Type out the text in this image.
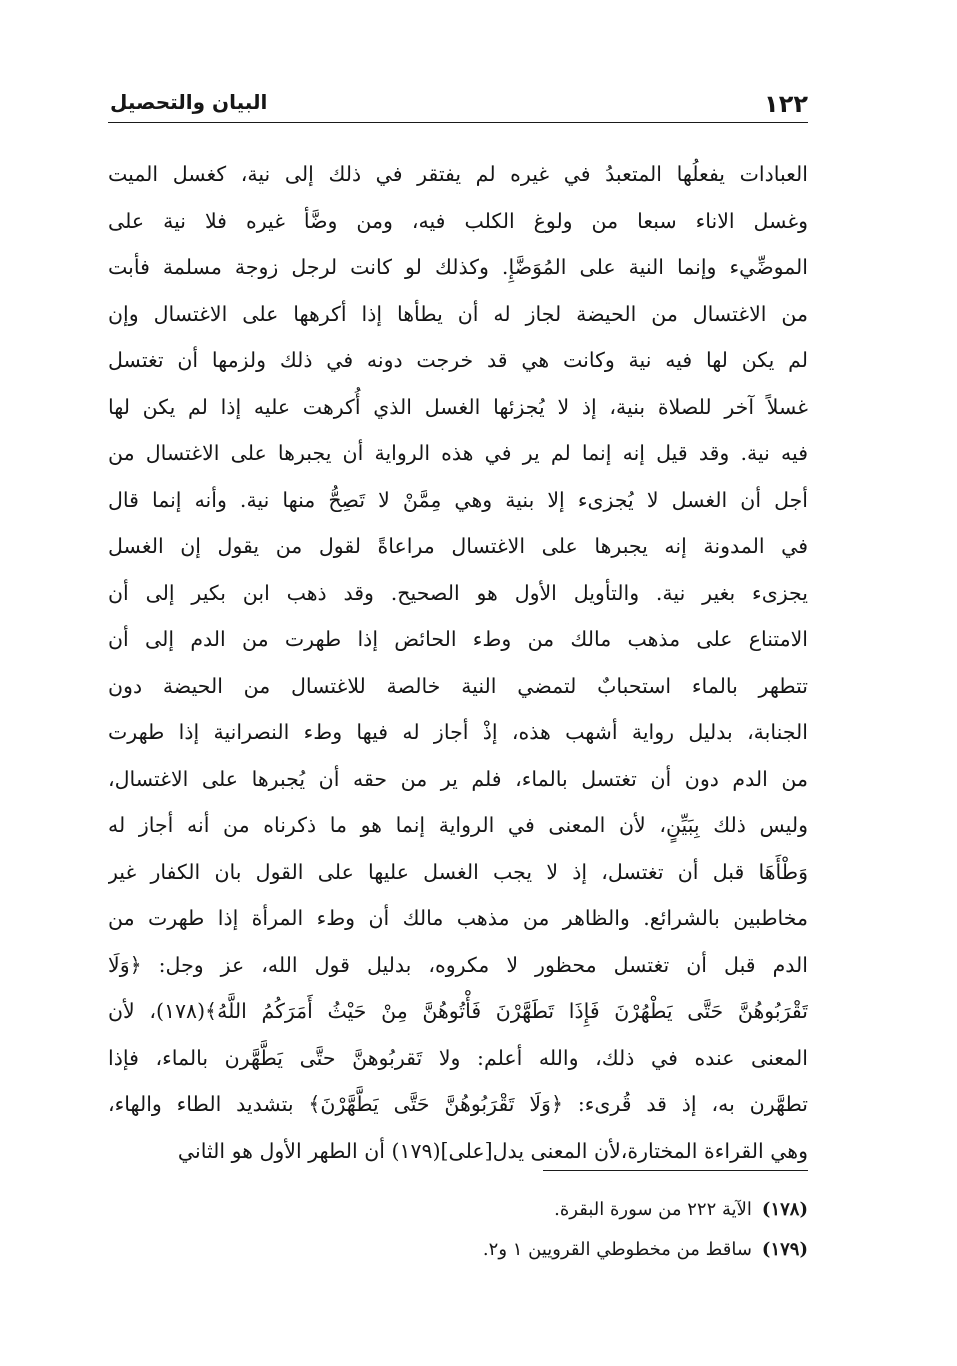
١٢٢
البيان والتحصيل
العبادات يفعلُها المتعبدُ في غيره لم يفتقر في ذلك إلى نية، كغسل الميت
وغسل الاناء سبعا من ولوغ الكلب فيه، ومن وضَّأ غيره فلا نية على
الموضِّيء وإنما النية على المُوَضَّإِ. وكذلك لو كانت لرجل زوجة مسلمة فأبت
من الاغتسال من الحيضة لجاز له أن يطأها إذا أكرهها على الاغتسال وإن
لم يكن لها فيه نية وكانت هي قد خرجت دونه في ذلك ولزمها أن تغتسل
غسلاً آخر للصلاة بنية، إذ لا يُجزئها الغسل الذي أُكرهت عليه إذا لم يكن لها
فيه نية. وقد قيل إنه إنما لم ير في هذه الرواية أن يجبرها على الاغتسال من
أجل أن الغسل لا يُجزىء إلا بنية وهي مِمَّنْ لا تَصِحُّ منها نية. وأنه إنما قال
في المدونة إنه يجبرها على الاغتسال مراعاةً لقول من يقول إن الغسل
يجزىء بغير نية. والتأويل الأول هو الصحيح. وقد ذهب ابن بكير إلى أن
الامتناع على مذهب مالك من وطء الحائض إذا طهرت من الدم إلى أن
تتطهر بالماء استحبابٌ لتمضي النية خالصة للاغتسال من الحيضة دون
الجنابة، بدليل رواية أشهب هذه، إذْ أجاز له فيها وطء النصرانية إذا طهرت
من الدم دون أن تغتسل بالماء، فلم ير من حقه أن يُجبرها على الاغتسال،
وليس ذلك بِبَيِّنٍ، لأن المعنى في الرواية إنما هو ما ذكرناه من أنه أجاز له
وَطْأَهَا قبل أن تغتسل، إذ لا يجب الغسل عليها على القول بان الكفار غير
مخاطبين بالشرائع. والظاهر من مذهب مالك أن وطء المرأة إذا طهرت من
الدم قبل أن تغتسل محظور لا مكروه، بدليل قول الله، عز وجل: ﴿وَلَا
تَقْرَبُوهُنَّ حَتَّى يَطْهُرْنَ فَإِذَا تَطَهَّرْنَ فَأْتُوهُنَّ مِنْ حَيْثُ أَمَرَكُمُ اللَّهُ﴾(١٧٨)، لأن
المعنى عنده في ذلك، والله أعلم: ولا تَقربُوهنَّ حتَّى يَطَّهَّرن بالماء، فإذا
تطهَّرن به، إذ قد قُرىء: ﴿وَلَا تَقْرَبُوهُنَّ حَتَّى يَطَّهَّرْنَ﴾ بتشديد الطاء والهاء،
وهي القراءة المختارة،لأن المعنى يدل[على](١٧٩) أن الطهر الأول هو الثاني
(١٧٨)الآية ٢٢٢ من سورة البقرة.
(١٧٩)ساقط من مخطوطي القرويين ١ و٢.
